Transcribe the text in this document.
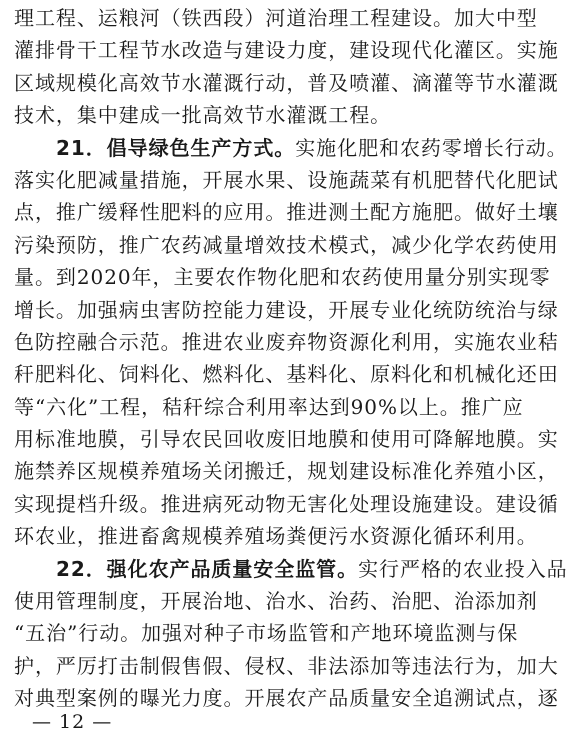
理工程、运粮河（铁西段）河道治理工程建设。加大中型
灌排骨干工程节水改造与建设力度，建设现代化灌区。实施
区域规模化高效节水灌溉行动，普及喷灌、滴灌等节水灌溉
技术，集中建成一批高效节水灌溉工程。
21．倡导绿色生产方式。实施化肥和农药零增长行动。
落实化肥减量措施，开展水果、设施蔬菜有机肥替代化肥试
点，推广缓释性肥料的应用。推进测土配方施肥。做好土壤
污染预防，推广农药减量增效技术模式，减少化学农药使用
量。到2020年，主要农作物化肥和农药使用量分别实现零
增长。加强病虫害防控能力建设，开展专业化统防统治与绿
色防控融合示范。推进农业废弃物资源化利用，实施农业秸
秆肥料化、饲料化、燃料化、基料化、原料化和机械化还田
等“六化”工程，秸秆综合利用率达到90%以上。推广应
用标准地膜，引导农民回收废旧地膜和使用可降解地膜。实
施禁养区规模养殖场关闭搬迁，规划建设标准化养殖小区，
实现提档升级。推进病死动物无害化处理设施建设。建设循
环农业，推进畜禽规模养殖场粪便污水资源化循环利用。
22．强化农产品质量安全监管。实行严格的农业投入品
使用管理制度，开展治地、治水、治药、治肥、治添加剂
“五治”行动。加强对种子市场监管和产地环境监测与保
护，严厉打击制假售假、侵权、非法添加等违法行为，加大
对典型案例的曝光力度。开展农产品质量安全追溯试点，逐
— 12 —
